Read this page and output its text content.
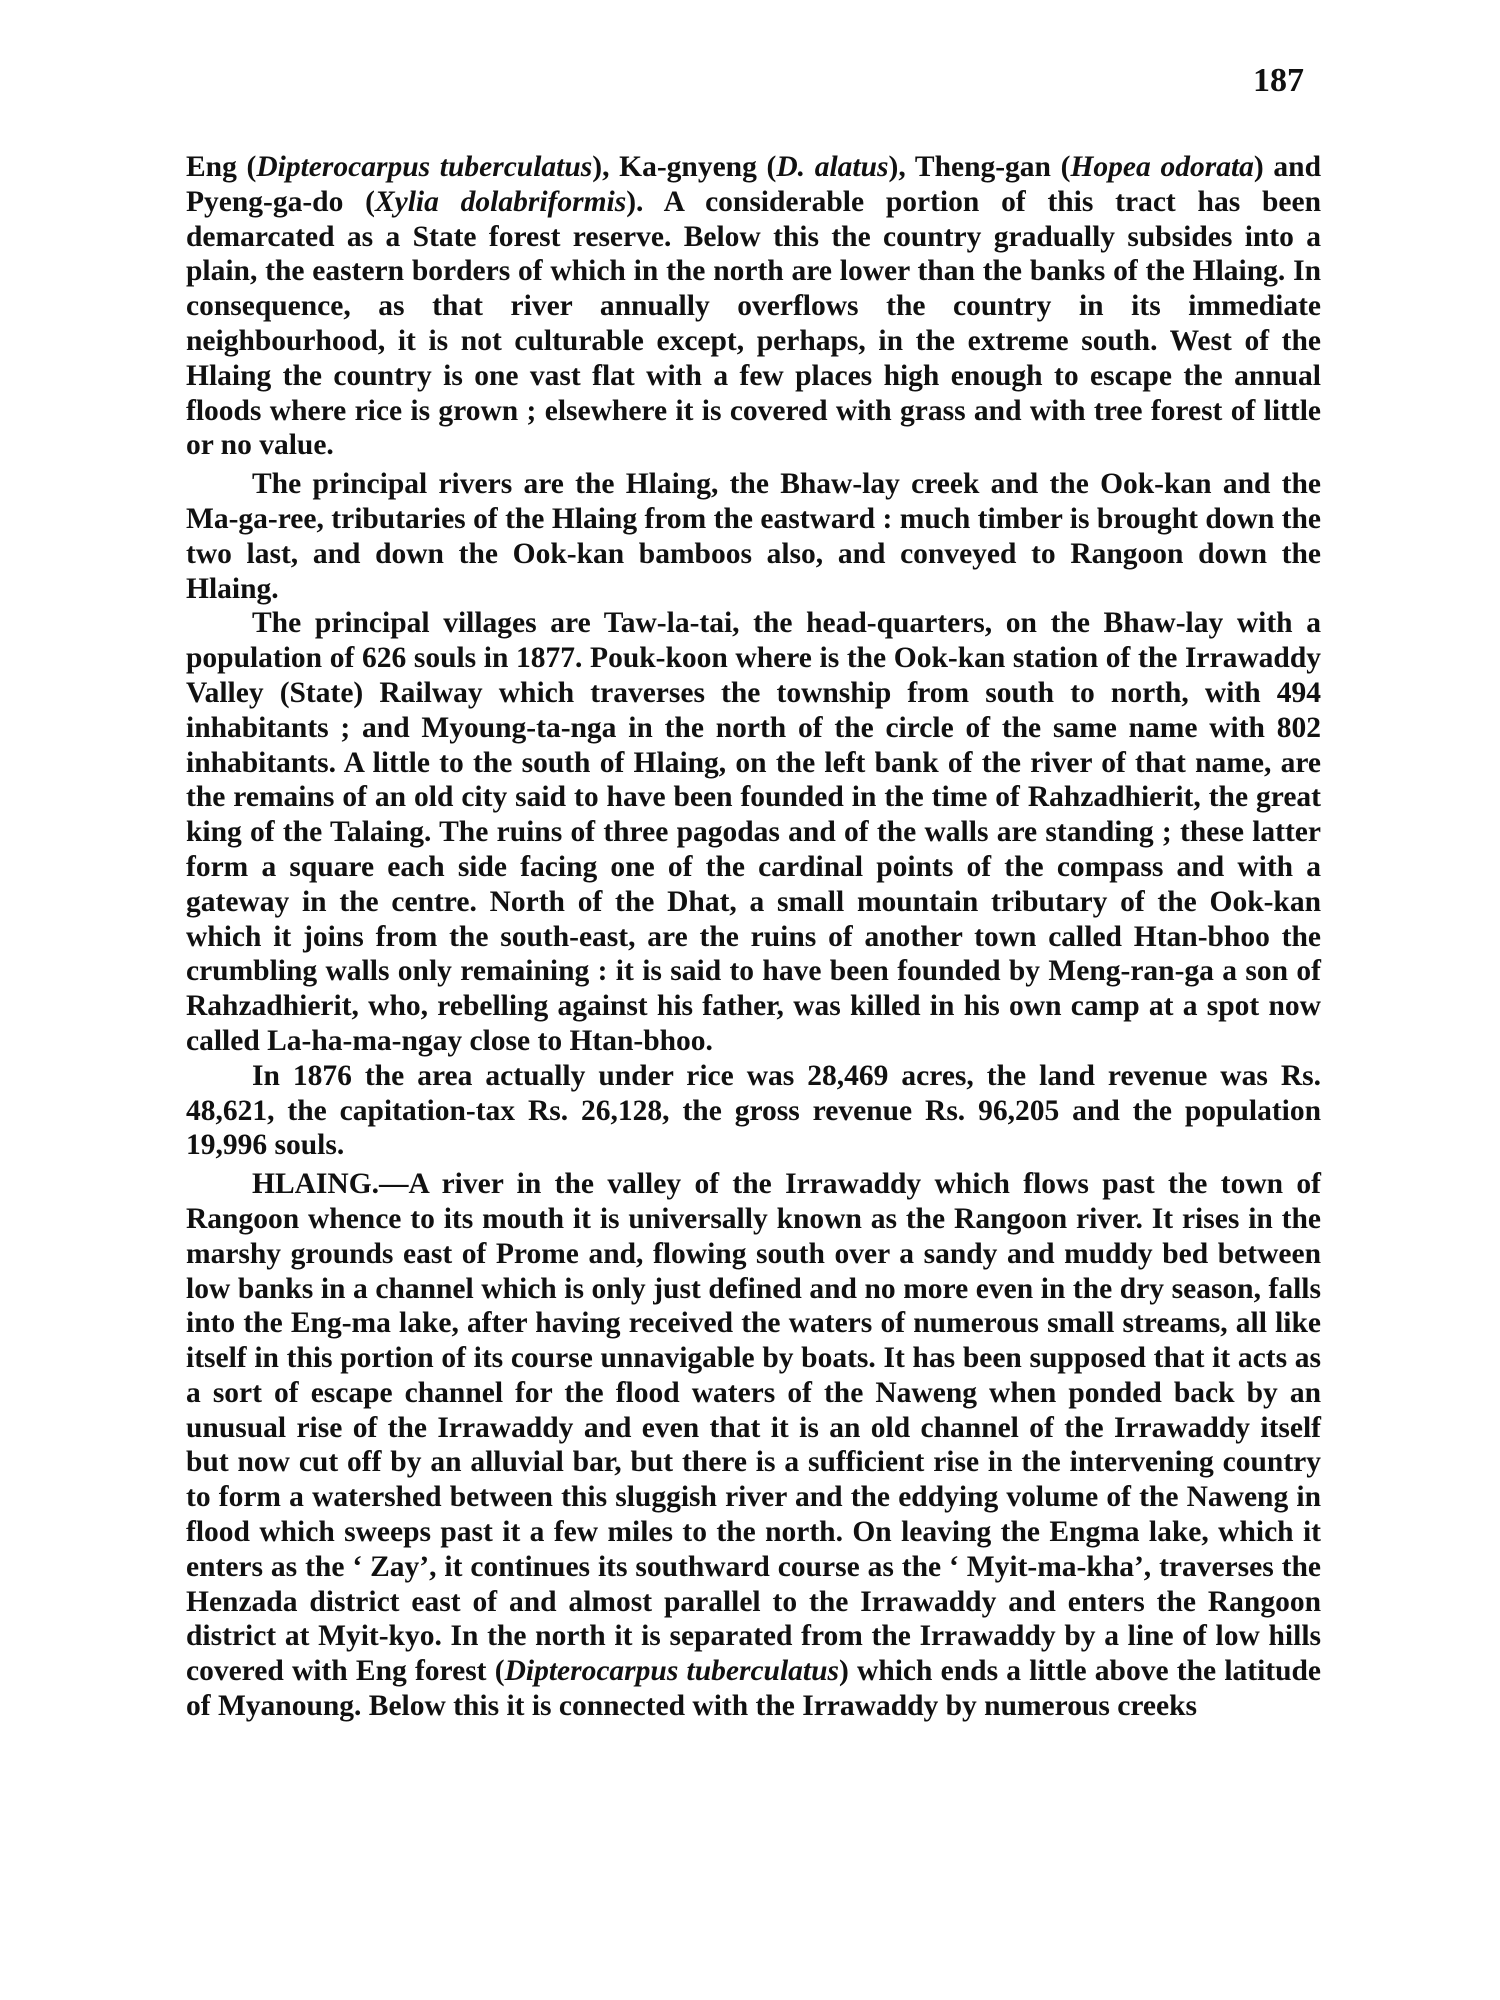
187

Eng (Dipterocarpus tuberculatus), Ka-gnyeng (D. alatus), Theng-gan (Hopea odorata) and Pyeng-ga-do (Xylia dolabriformis). A considerable portion of this tract has been demarcated as a State forest reserve. Below this the country gradually subsides into a plain, the eastern borders of which in the north are lower than the banks of the Hlaing. In consequence, as that river annually overflows the country in its immediate neighbourhood, it is not culturable except, perhaps, in the extreme south. West of the Hlaing the country is one vast flat with a few places high enough to escape the annual floods where rice is grown ; elsewhere it is covered with grass and with tree forest of little or no value.

The principal rivers are the Hlaing, the Bhaw-lay creek and the Ook-kan and the Ma-ga-ree, tributaries of the Hlaing from the eastward : much timber is brought down the two last, and down the Ook-kan bamboos also, and conveyed to Rangoon down the Hlaing.

The principal villages are Taw-la-tai, the head-quarters, on the Bhaw-lay with a population of 626 souls in 1877. Pouk-koon where is the Ook-kan station of the Irrawaddy Valley (State) Railway which traverses the township from south to north, with 494 inhabitants ; and Myoung-ta-nga in the north of the circle of the same name with 802 inhabitants. A little to the south of Hlaing, on the left bank of the river of that name, are the remains of an old city said to have been founded in the time of Rahzadhierit, the great king of the Talaing. The ruins of three pagodas and of the walls are standing ; these latter form a square each side facing one of the cardinal points of the compass and with a gateway in the centre. North of the Dhat, a small mountain tributary of the Ook-kan which it joins from the south-east, are the ruins of another town called Htan-bhoo the crumbling walls only remaining : it is said to have been founded by Meng-ran-ga a son of Rahzadhierit, who, rebelling against his father, was killed in his own camp at a spot now called La-ha-ma-ngay close to Htan-bhoo.

In 1876 the area actually under rice was 28,469 acres, the land revenue was Rs. 48,621, the capitation-tax Rs. 26,128, the gross revenue Rs. 96,205 and the population 19,996 souls.

HLAING.—A river in the valley of the Irrawaddy which flows past the town of Rangoon whence to its mouth it is universally known as the Rangoon river. It rises in the marshy grounds east of Prome and, flowing south over a sandy and muddy bed between low banks in a channel which is only just defined and no more even in the dry season, falls into the Eng-ma lake, after having received the waters of numerous small streams, all like itself in this portion of its course unnavigable by boats. It has been supposed that it acts as a sort of escape channel for the flood waters of the Naweng when ponded back by an unusual rise of the Irrawaddy and even that it is an old channel of the Irrawaddy itself but now cut off by an alluvial bar, but there is a sufficient rise in the intervening country to form a watershed between this sluggish river and the eddying volume of the Naweng in flood which sweeps past it a few miles to the north. On leaving the Engma lake, which it enters as the ‘ Zay’, it continues its southward course as the ‘ Myit-ma-kha’, traverses the Henzada district east of and almost parallel to the Irrawaddy and enters the Rangoon district at Myit-kyo. In the north it is separated from the Irrawaddy by a line of low hills covered with Eng forest (Dipterocarpus tuberculatus) which ends a little above the latitude of Myanoung. Below this it is connected with the Irrawaddy by numerous creeks
